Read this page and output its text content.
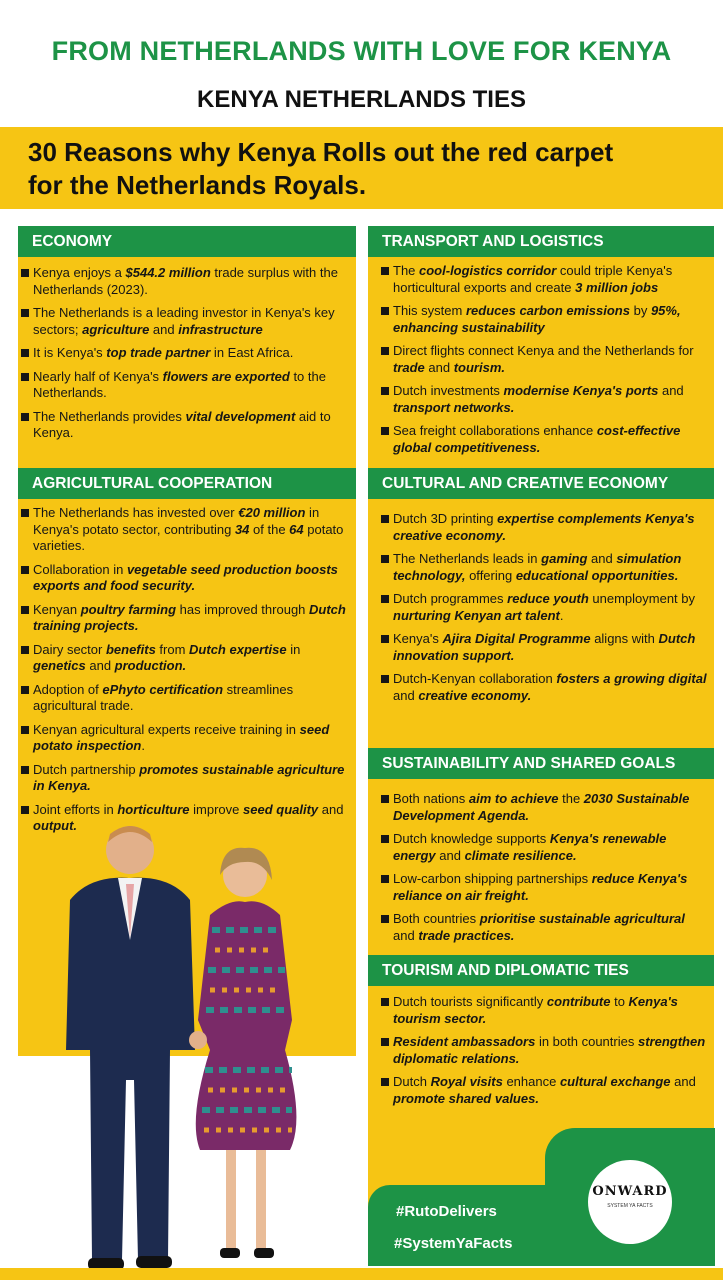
FROM NETHERLANDS WITH LOVE FOR KENYA
KENYA NETHERLANDS TIES
30 Reasons why Kenya Rolls out the red carpet
for the Netherlands Royals.
ECONOMY
Kenya enjoys a $544.2 million trade surplus with the Netherlands (2023).
The Netherlands is a leading investor in Kenya's key sectors; agriculture and infrastructure
It is Kenya's top trade partner in East Africa.
Nearly half of Kenya's flowers are exported to the Netherlands.
The Netherlands provides vital development aid to Kenya.
AGRICULTURAL COOPERATION
The Netherlands has invested over €20 million in Kenya's potato sector, contributing 34 of the 64 potato varieties.
Collaboration in vegetable seed production boosts exports and food security.
Kenyan poultry farming has improved through Dutch training projects.
Dairy sector benefits from Dutch expertise in genetics and production.
Adoption of ePhyto certification streamlines agricultural trade.
Kenyan agricultural experts receive training in seed potato inspection.
Dutch partnership promotes sustainable agriculture in Kenya.
Joint efforts in horticulture improve seed quality and output.
TRANSPORT AND LOGISTICS
The cool-logistics corridor could triple Kenya's horticultural exports and create 3 million jobs
This system reduces carbon emissions by 95%, enhancing sustainability
Direct flights connect Kenya and the Netherlands for trade and tourism.
Dutch investments modernise Kenya's ports and transport networks.
Sea freight collaborations enhance cost-effective global competitiveness.
CULTURAL AND CREATIVE ECONOMY
Dutch 3D printing expertise complements Kenya's creative economy.
The Netherlands leads in gaming and simulation technology, offering educational opportunities.
Dutch programmes reduce youth unemployment by nurturing Kenyan art talent.
Kenya's Ajira Digital Programme aligns with Dutch innovation support.
Dutch-Kenyan collaboration fosters a growing digital and creative economy.
SUSTAINABILITY AND SHARED GOALS
Both nations aim to achieve the 2030 Sustainable Development Agenda.
Dutch knowledge supports Kenya's renewable energy and climate resilience.
Low-carbon shipping partnerships reduce Kenya's reliance on air freight.
Both countries prioritise sustainable agricultural and trade practices.
TOURISM AND DIPLOMATIC TIES
Dutch tourists significantly contribute to Kenya's tourism sector.
Resident ambassadors in both countries strengthen diplomatic relations.
Dutch Royal visits enhance cultural exchange and promote shared values.
#RutoDelivers
#SystemYaFacts
ONWARD
SYSTEM YA FACTS
